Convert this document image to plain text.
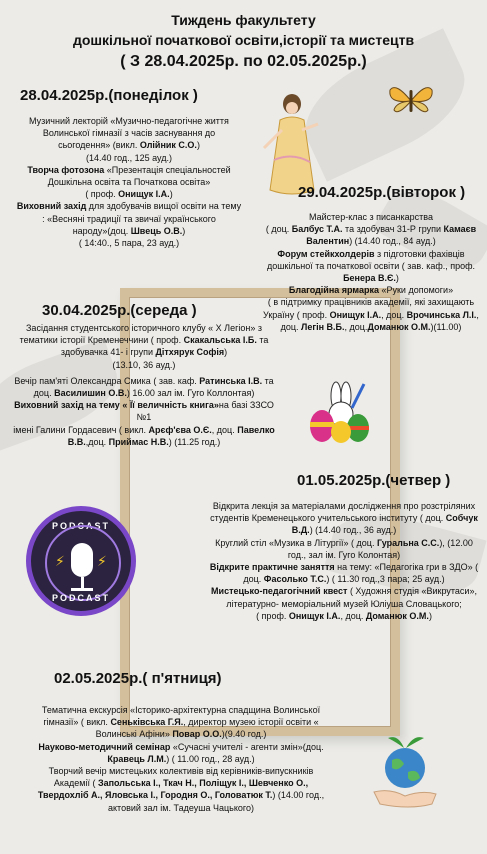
Тиждень факультету
дошкільної початкової освіти,історії та мистецтв
( З 28.04.2025р. по 02.05.2025р.)
PODCAST
⚡ ⚡
PODCAST
28.04.2025р.(понеділок )

Музичний лекторій «Музично-педагогічне життя Волинської гімназії з часів заснування до сьогодення» (викл. Олійник С.О.)

(14.40 год., 125 ауд.)

Творча фотозона «Презентація спеціальностей Дошкільна освіта та Початкова освіта»

( проф. Онищук І.А.)

Виховний захід для здобувачів вищої освіти на тему : «Весняні традиції та звичаї українського народу»(доц. Швець О.В.)

( 14:40., 5 пара, 23 ауд.)

29.04.2025р.(вівторок )

Майстер-клас з писанкарства

( доц. Балбус Т.А. та здобувач 31-Р групи Камаєв Валентин) (14.40 год., 84 ауд.)

Форум стейкхолдерів з підготовки фахівців дошкільної та початкової освіти ( зав. каф., проф. Бенера В.Є.)

Благодійна ярмарка «Руки допомоги»

( в підтримку працівників академії, які захищають Україну ( проф. Онищук І.А., доц. Врочинська Л.І., доц. Легін В.Б., доц.Доманюк О.М.)(11.00)

30.04.2025р.(середа )

Засідання студентського історичного клубу « Х Легіон» з тематики історії Кременеччини ( проф. Скакальська І.Б. та здобувачка 41- і групи Дітхярук Софія)

(13.10, 36 ауд.)

Вечір пам'яті Олександра Смика ( зав. каф. Ратинська І.В. та доц. Василишин О.В.) 16.00 зал ім. Гуго Коллонтая)

Виховний захід на тему « Її величність книга»на базі ЗЗСО №1

імені Галини Гордасевич ( викл. Арєф'єва О.Є., доц. Павелко В.В.,доц. Приймас Н.В.) (11.25 год.)

01.05.2025р.(четвер )

Відкрита лекція за матеріалами дослідження про розстріляних студентів Кременецького учительського інституту ( доц. Собчук В.Д.) (14.40 год., 36 ауд.)

Круглий стіл «Музика в Літургії» ( доц. Гуральна С.С.), (12.00 год., зал ім. Гуго Колонтая)

Відкрите практичне заняття на тему: «Педагогіка гри в ЗДО» ( доц. Фасолько Т.С.) ( 11.30 год.,3 пара; 25 ауд.)

Мистецько-педагогічний квест ( Художня студія «Викрутаси», літературно- меморіальний музей Юліуша Словацького;

( проф. Онищук І.А., доц. Доманюк О.М.)

02.05.2025р.( п'ятниця)

Тематична екскурсія «Історико-архітектурна спадщина Волинської гімназії» ( викл. Сеньківська Г.Я., директор музею історії освіти « Волинські Афіни» Повар О.О.)(9.40 год.)

Науково-методичний семінар «Сучасні учителі - агенти змін»(доц. Кравець Л.М.) ( 11.00 год., 28 ауд.)

Творчий вечір мистецьких колективів від керівників-випускників Академії ( Запольська І., Ткач Н., Поліщук І., Шевченко О., Твердохліб А., Яловська І., Городня О., Головатюк Т.) (14.00 год., актовий зал ім. Тадеуша Чацького)
